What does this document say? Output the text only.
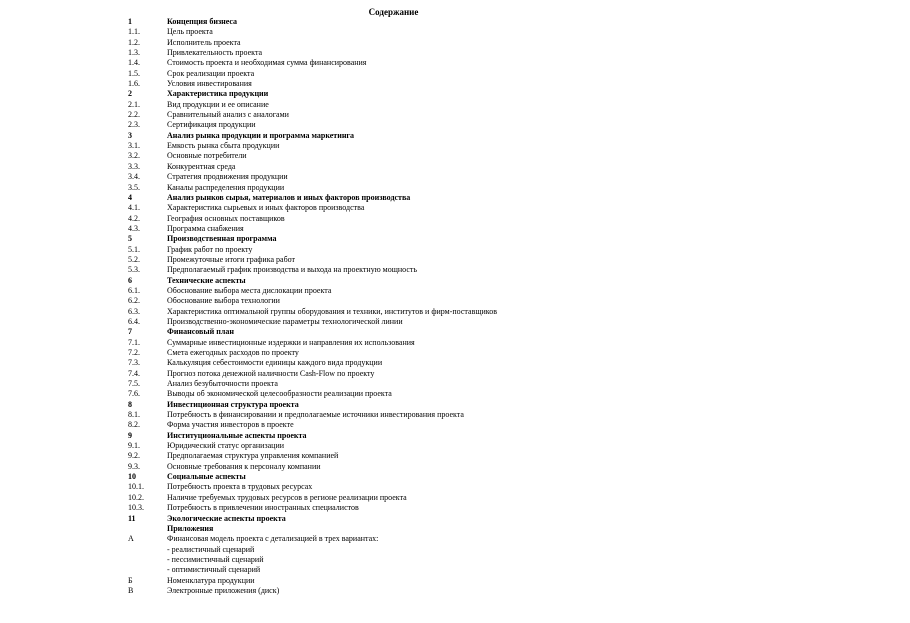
Содержание
1	Концепция бизнеса
1.1.	Цель проекта
1.2.	Исполнитель проекта
1.3.	Привлекательность проекта
1.4.	Стоимость проекта и необходимая сумма финансирования
1.5.	Срок реализации проекта
1.6.	Условия инвестирования
2	Характеристика продукции
2.1.	Вид продукции и ее описание
2.2.	Сравнительный анализ с аналогами
2.3.	Сертификация продукции
3	Анализ рынка продукции и программа маркетинга
3.1.	Емкость рынка сбыта продукции
3.2.	Основные потребители
3.3.	Конкурентная среда
3.4.	Стратегия продвижения продукции
3.5.	Каналы распределения продукции
4	Анализ рынков сырья, материалов и иных факторов производства
4.1.	Характеристика сырьевых и иных факторов производства
4.2.	География основных поставщиков
4.3.	Программа снабжения
5	Производственная программа
5.1.	График работ по проекту
5.2.	Промежуточные итоги графика работ
5.3.	Предполагаемый график производства и выхода на проектную мощность
6	Технические аспекты
6.1.	Обоснование выбора места дислокации проекта
6.2.	Обоснование выбора технологии
6.3.	Характеристика оптимальной группы оборудования и техники, институтов и фирм-поставщиков
6.4.	Производственно-экономические параметры технологической линии
7	Финансовый план
7.1.	Суммарные инвестиционные издержки и направления их использования
7.2.	Смета ежегодных расходов по проекту
7.3.	Калькуляция себестоимости единицы каждого вида продукции
7.4.	Прогноз потока денежной наличности Cash-Flow по проекту
7.5.	Анализ безубыточности проекта
7.6.	Выводы об экономической целесообразности реализации проекта
8	Инвестиционная структура проекта
8.1.	Потребность в финансировании и предполагаемые источники инвестирования проекта
8.2.	Форма участия инвесторов в проекте
9	Институциональные аспекты проекта
9.1.	Юридический статус организации
9.2.	Предполагаемая структура управления компанией
9.3.	Основные требования к персоналу компании
10	Социальные аспекты
10.1.	Потребность проекта в трудовых ресурсах
10.2.	Наличие требуемых трудовых ресурсов в регионе реализации проекта
10.3.	Потребность в привлечении иностранных специалистов
11	Экологические аспекты проекта
Приложения
А	Финансовая модель проекта с детализацией в трех вариантах:
- реалистичный сценарий
- пессимистичный сценарий
- оптимистичный сценарий
Б	Номенклатура продукции
В	Электронные приложения (диск)
